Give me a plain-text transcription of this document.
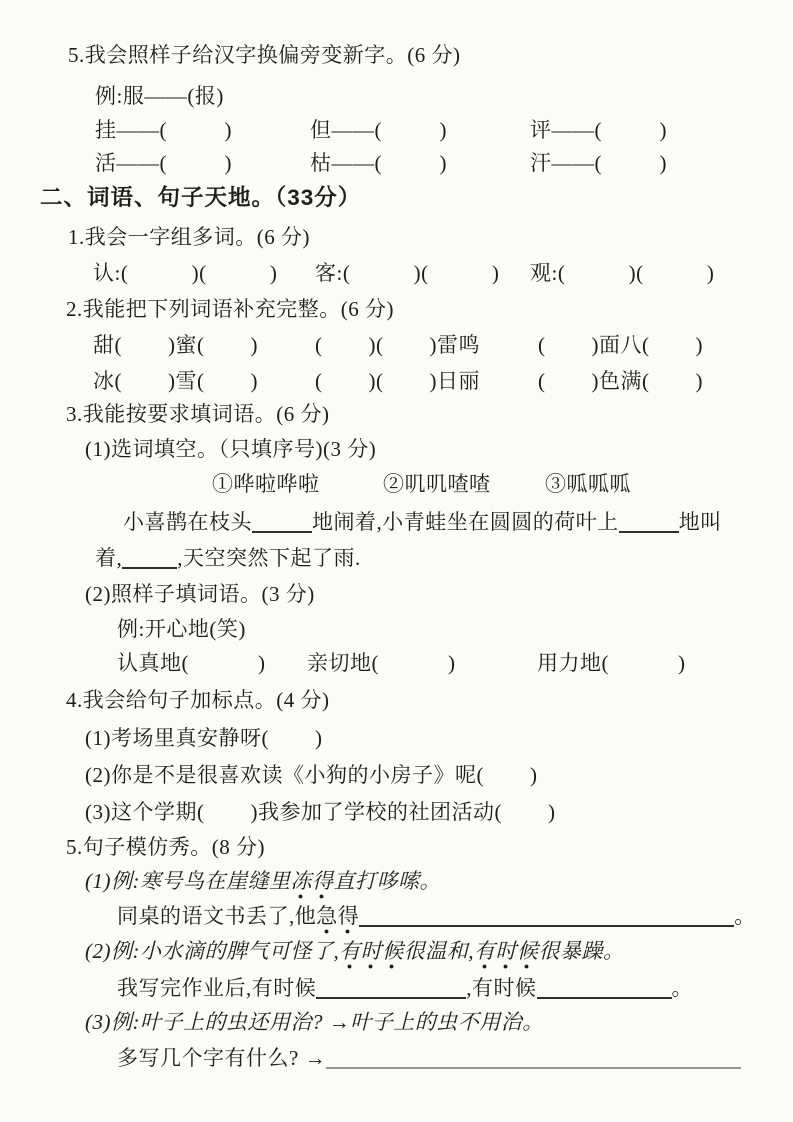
5.我会照样子给汉字换偏旁变新字。(6 分)
例:服——(报)
挂——(          )	但——(          )	评——(          )
活——(          )	枯——(          )	汗——(          )
二、词语、句子天地。（33分）
1.我会一字组多词。(6 分)
认:(           )(           ) 客:(           )(           ) 观:(           )(           )
2.我能把下列词语补充完整。(6 分)
甜(        )蜜(        )	(        )(        )雷鸣	(        )面八(        )
冰(        )雪(        )	(        )(        )日丽	(        )色满(        )
3.我能按要求填词语。(6 分)
(1)选词填空。（只填序号)(3 分)
①哗啦哗啦	②叽叽喳喳	③呱呱呱
小喜鹊在枝头	地闹着,小青蛙坐在圆圆的荷叶上	地叫
着,	,天空突然下起了雨.
(2)照样子填词语。(3 分)
例:开心地(笑)
认真地(            ) 亲切地(            )	用力地(            )
4.我会给句子加标点。(4 分)
(1)考场里真安静呀(        )
(2)你是不是很喜欢读《小狗的小房子》呢(        )
(3)这个学期(        )我参加了学校的社团活动(        )
5.句子模仿秀。(8 分)
(1)例:寒号鸟在崖缝里冻得直打哆嗦。
同桌的语文书丢了,他急得	。
(2)例:小水滴的脾气可怪了,有时候很温和,有时候很暴躁。
我写完作业后,有时候	,有时候	。
(3)例:叶子上的虫还用治? →叶子上的虫不用治。
多写几个字有什么? →
